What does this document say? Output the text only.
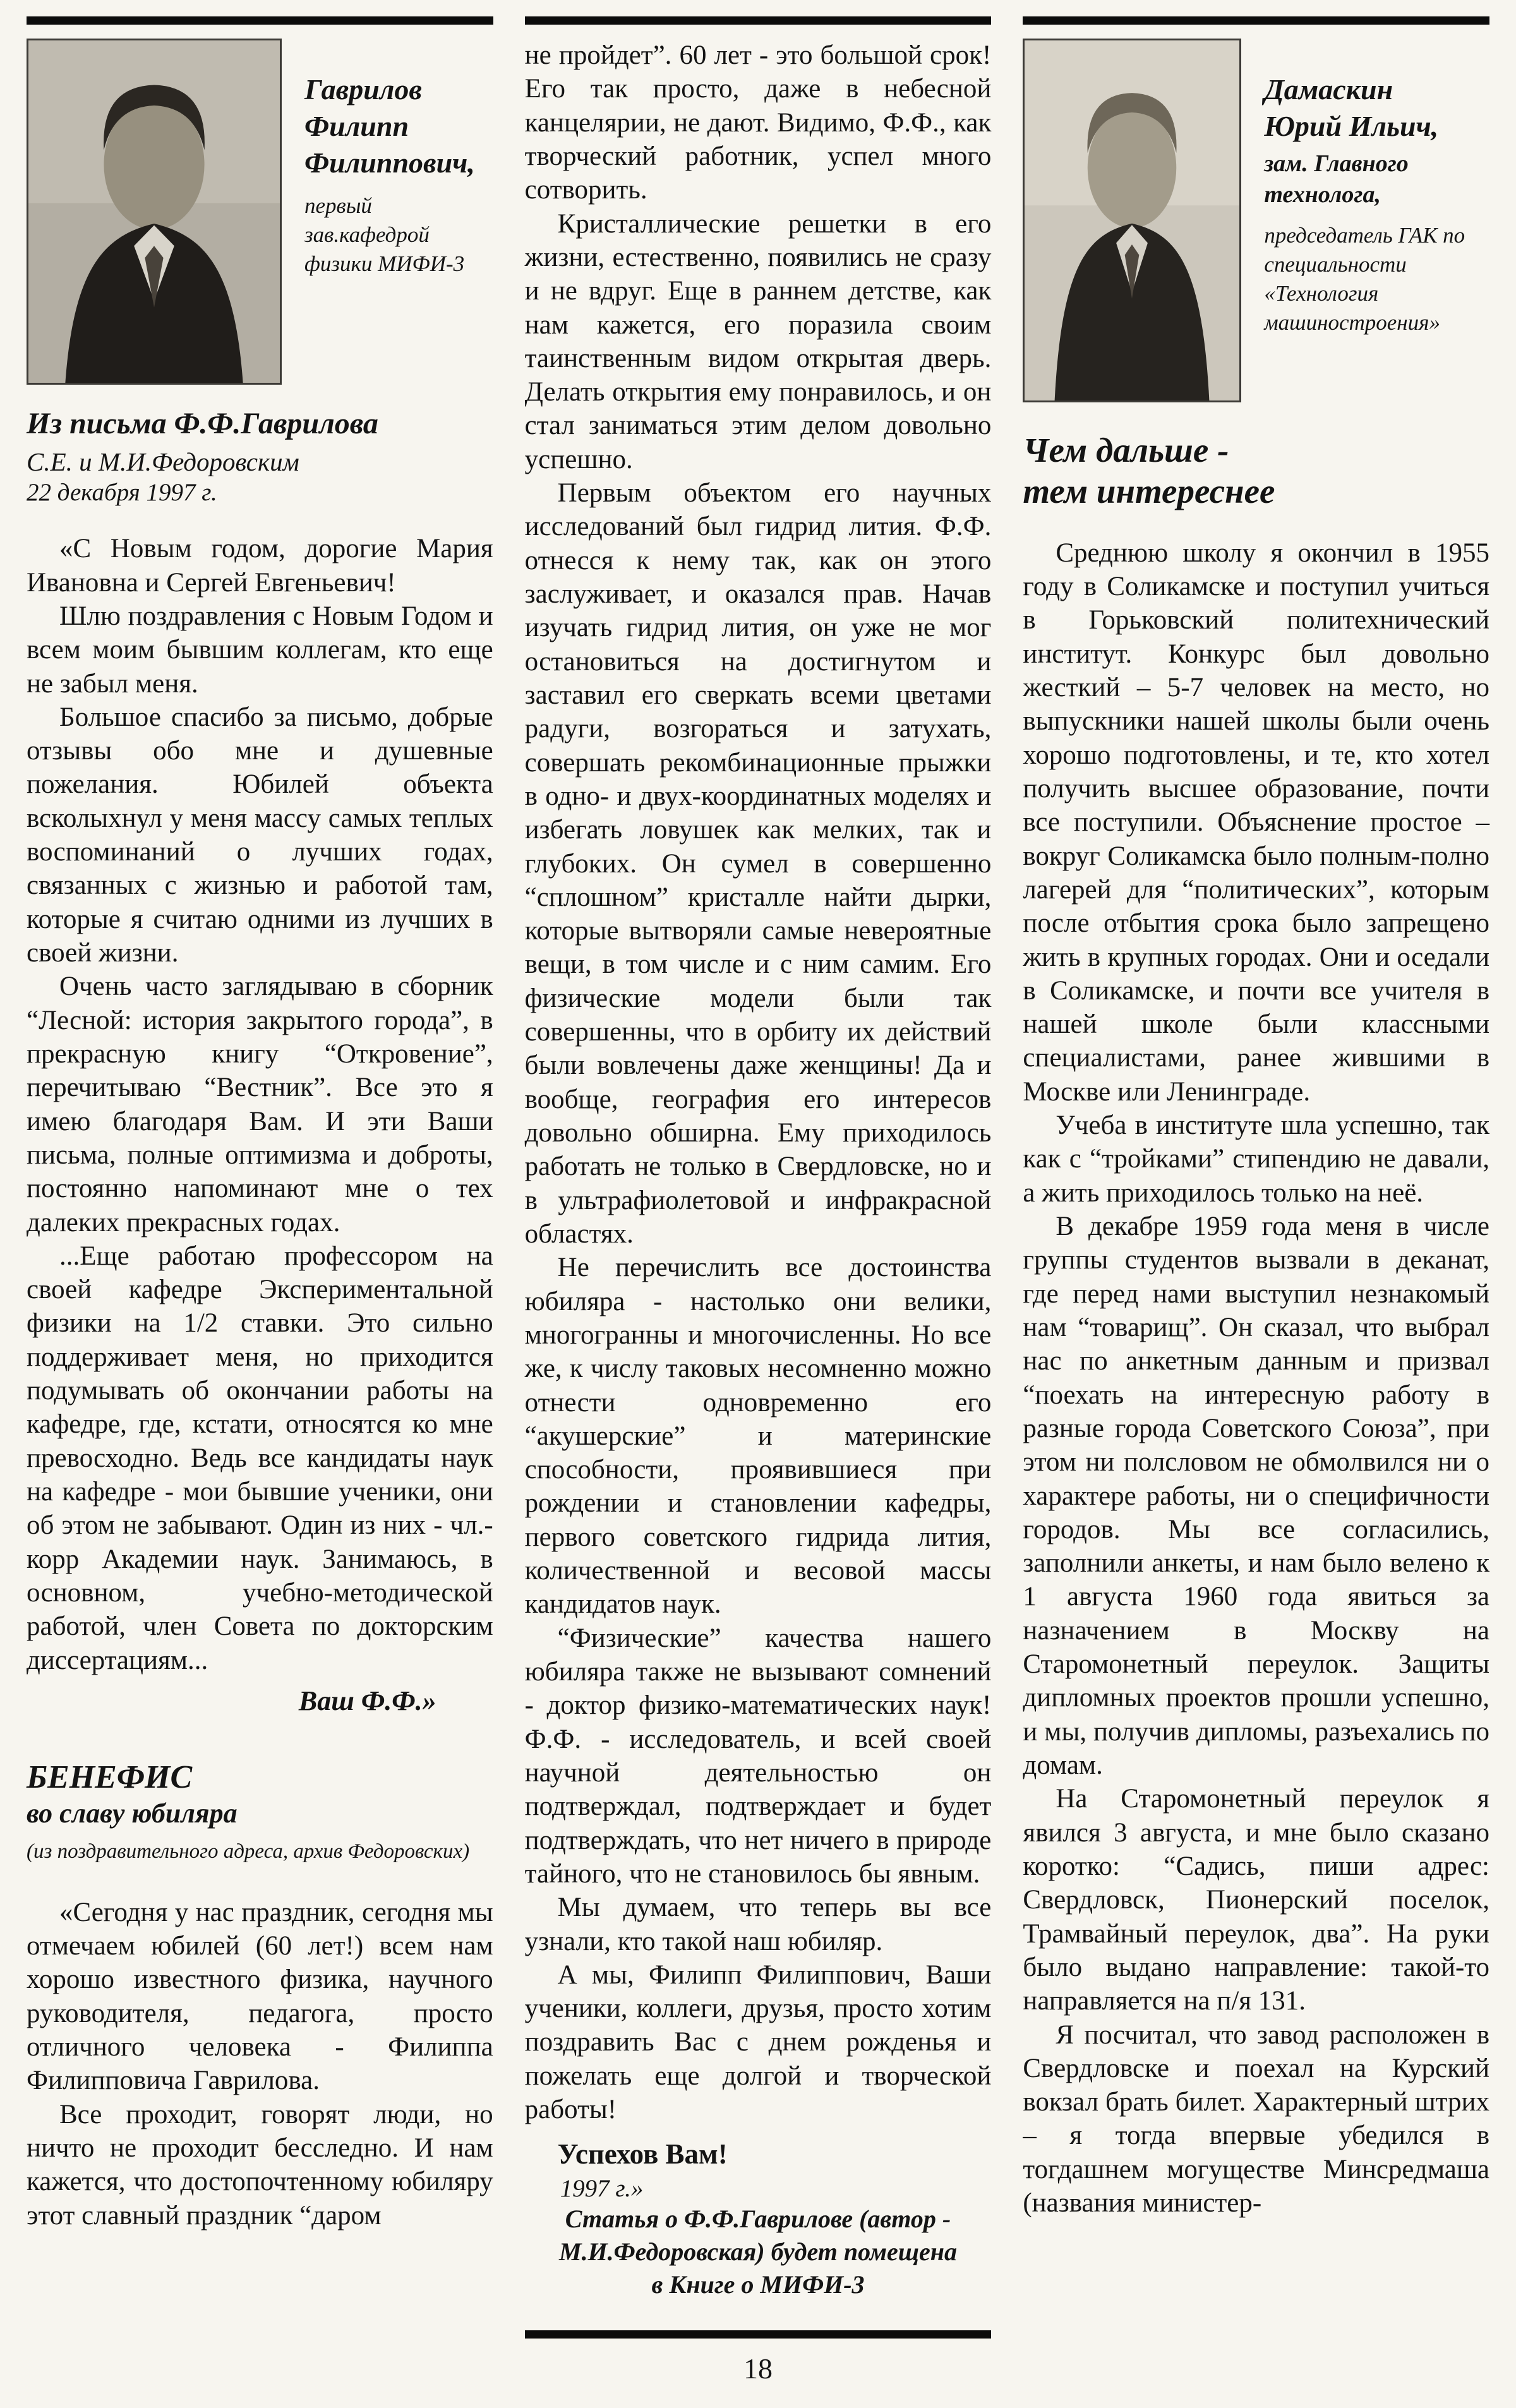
Гаврилов Филипп Филиппович,
первый зав.кафедрой физики МИФИ-3
Из письма Ф.Ф.Гаврилова
С.Е. и М.И.Федоровским
22 декабря 1997 г.

«С Новым годом, дорогие Мария Ивановна и Сергей Евгеньевич!

Шлю поздравления с Новым Годом и всем моим бывшим коллегам, кто еще не забыл меня.

Большое спасибо за письмо, добрые отзывы обо мне и душевные пожелания. Юбилей объекта всколыхнул у меня массу самых теплых воспоминаний о лучших годах, связанных с жизнью и работой там, которые я считаю одними из лучших в своей жизни.

Очень часто заглядываю в сборник “Лесной: история закрытого города”, в прекрасную книгу “Откровение”, перечитываю “Вестник”. Все это я имею благодаря Вам. И эти Ваши письма, полные оптимизма и доброты, постоянно напоминают мне о тех далеких прекрасных годах.

...Еще работаю профессором на своей кафедре Экспериментальной физики на 1/2 ставки. Это сильно поддерживает меня, но приходится подумывать об окончании работы на кафедре, где, кстати, относятся ко мне превосходно. Ведь все кандидаты наук на кафедре - мои бывшие ученики, они об этом не забывают. Один из них - чл.-корр Академии наук. Занимаюсь, в основном, учебно-методической работой, член Совета по докторским диссертациям...

Ваш Ф.Ф.»

БЕНЕФИС
во славу юбиляра
(из поздравительного адреса, архив Федоровских)

«Сегодня у нас праздник, сегодня мы отмечаем юбилей (60 лет!) всем нам хорошо известного физика, научного руководителя, педагога, просто отличного человека - Филиппа Филипповича Гаврилова.

Все проходит, говорят люди, но ничто не проходит бесследно. И нам кажется, что достопочтенному юбиляру этот славный праздник “даром

не пройдет”. 60 лет - это большой срок! Его так просто, даже в небесной канцелярии, не дают. Видимо, Ф.Ф., как творческий работник, успел много сотворить.

Кристаллические решетки в его жизни, естественно, появились не сразу и не вдруг. Еще в раннем детстве, как нам кажется, его поразила своим таинственным видом открытая дверь. Делать открытия ему понравилось, и он стал заниматься этим делом довольно успешно.

Первым объектом его научных исследований был гидрид лития. Ф.Ф. отнесся к нему так, как он этого заслуживает, и оказался прав. Начав изучать гидрид лития, он уже не мог остановиться на достигнутом и заставил его сверкать всеми цветами радуги, возгораться и затухать, совершать рекомбинационные прыжки в одно- и двух-координатных моделях и избегать ловушек как мелких, так и глубоких. Он сумел в совершенно “сплошном” кристалле найти дырки, которые вытворяли самые невероятные вещи, в том числе и с ним самим. Его физические модели были так совершенны, что в орбиту их действий были вовлечены даже женщины! Да и вообще, география его интересов довольно обширна. Ему приходилось работать не только в Свердловске, но и в ультрафиолетовой и инфракрасной областях.

Не перечислить все достоинства юбиляра - настолько они велики, многогранны и многочисленны. Но все же, к числу таковых несомненно можно отнести одновременно его “акушерские” и материнские способности, проявившиеся при рождении и становлении кафедры, первого советского гидрида лития, количественной и весовой массы кандидатов наук.

“Физические” качества нашего юбиляра также не вызывают сомнений - доктор физико-математических наук! Ф.Ф. - исследователь, и всей своей научной деятельностью он подтверждал, подтверждает и будет подтверждать, что нет ничего в природе тайного, что не становилось бы явным.

Мы думаем, что теперь вы все узнали, кто такой наш юбиляр.

А мы, Филипп Филиппович, Ваши ученики, коллеги, друзья, просто хотим поздравить Вас с днем рожденья и пожелать еще долгой и творческой работы!

Успехов Вам!

1997 г.»

Статья о Ф.Ф.Гаврилове (автор - М.И.Федоровская) будет помещена в Книге о МИФИ-3
Дамаскин
Юрий Ильич,
зам. Главного технолога,
председатель ГАК по специальности «Технология машиностроения»
Чем дальше -
тем интереснее

Среднюю школу я окончил в 1955 году в Соликамске и поступил учиться в Горьковский политехнический институт. Конкурс был довольно жесткий – 5-7 человек на место, но выпускники нашей школы были очень хорошо подготовлены, и те, кто хотел получить высшее образование, почти все поступили. Объяснение простое – вокруг Соликамска было полным-полно лагерей для “политических”, которым после отбытия срока было запрещено жить в крупных городах. Они и оседали в Соликамске, и почти все учителя в нашей школе были классными специалистами, ранее жившими в Москве или Ленинграде.

Учеба в институте шла успешно, так как с “тройками” стипендию не давали, а жить приходилось только на неё.

В декабре 1959 года меня в числе группы студентов вызвали в деканат, где перед нами выступил незнакомый нам “товарищ”. Он сказал, что выбрал нас по анкетным данным и призвал “поехать на интересную работу в разные города Советского Союза”, при этом ни полсловом не обмолвился ни о характере работы, ни о специфичности городов. Мы все согласились, заполнили анкеты, и нам было велено к 1 августа 1960 года явиться за назначением в Москву на Старомонетный переулок. Защиты дипломных проектов прошли успешно, и мы, получив дипломы, разъехались по домам.

На Старомонетный переулок я явился 3 августа, и мне было сказано коротко: “Садись, пиши адрес: Свердловск, Пионерский поселок, Трамвайный переулок, два”. На руки было выдано направление: такой-то направляется на п/я 131.

Я посчитал, что завод расположен в Свердловске и поехал на Курский вокзал брать билет. Характерный штрих – я тогда впервые убедился в тогдашнем могуществе Минсредмаша (названия министер-

18
